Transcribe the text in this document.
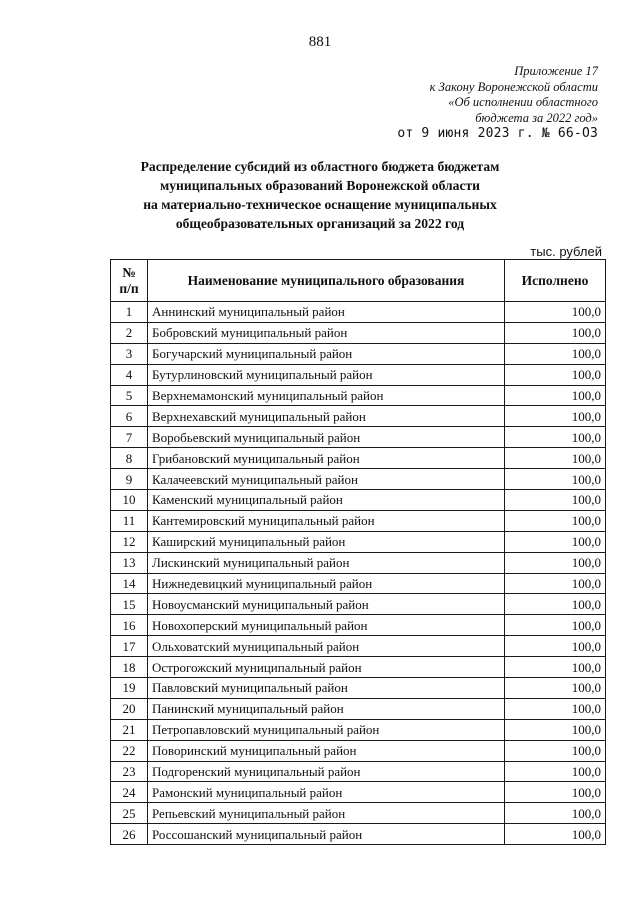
881
Приложение 17
к Закону Воронежской области
«Об исполнении областного
бюджета за 2022 год»
от 9 июня 2023 г. № 66-ОЗ
Распределение субсидий из областного бюджета бюджетам
муниципальных образований Воронежской области
на материально-техническое оснащение муниципальных
общеобразовательных организаций за 2022 год
тыс. рублей
№
п/п	Наименование муниципального образования	Исполнено
1	Аннинский муниципальный район	100,0
2	Бобровский муниципальный район	100,0
3	Богучарский муниципальный район	100,0
4	Бутурлиновский муниципальный район	100,0
5	Верхнемамонский муниципальный район	100,0
6	Верхнехавский муниципальный район	100,0
7	Воробьевский муниципальный район	100,0
8	Грибановский муниципальный район	100,0
9	Калачеевский муниципальный район	100,0
10	Каменский муниципальный район	100,0
11	Кантемировский муниципальный район	100,0
12	Каширский муниципальный район	100,0
13	Лискинский муниципальный район	100,0
14	Нижнедевицкий муниципальный район	100,0
15	Новоусманский муниципальный район	100,0
16	Новохоперский муниципальный район	100,0
17	Ольховатский муниципальный район	100,0
18	Острогожский муниципальный район	100,0
19	Павловский муниципальный район	100,0
20	Панинский муниципальный район	100,0
21	Петропавловский муниципальный район	100,0
22	Поворинский муниципальный район	100,0
23	Подгоренский муниципальный район	100,0
24	Рамонский муниципальный район	100,0
25	Репьевский муниципальный район	100,0
26	Россошанский муниципальный район	100,0
